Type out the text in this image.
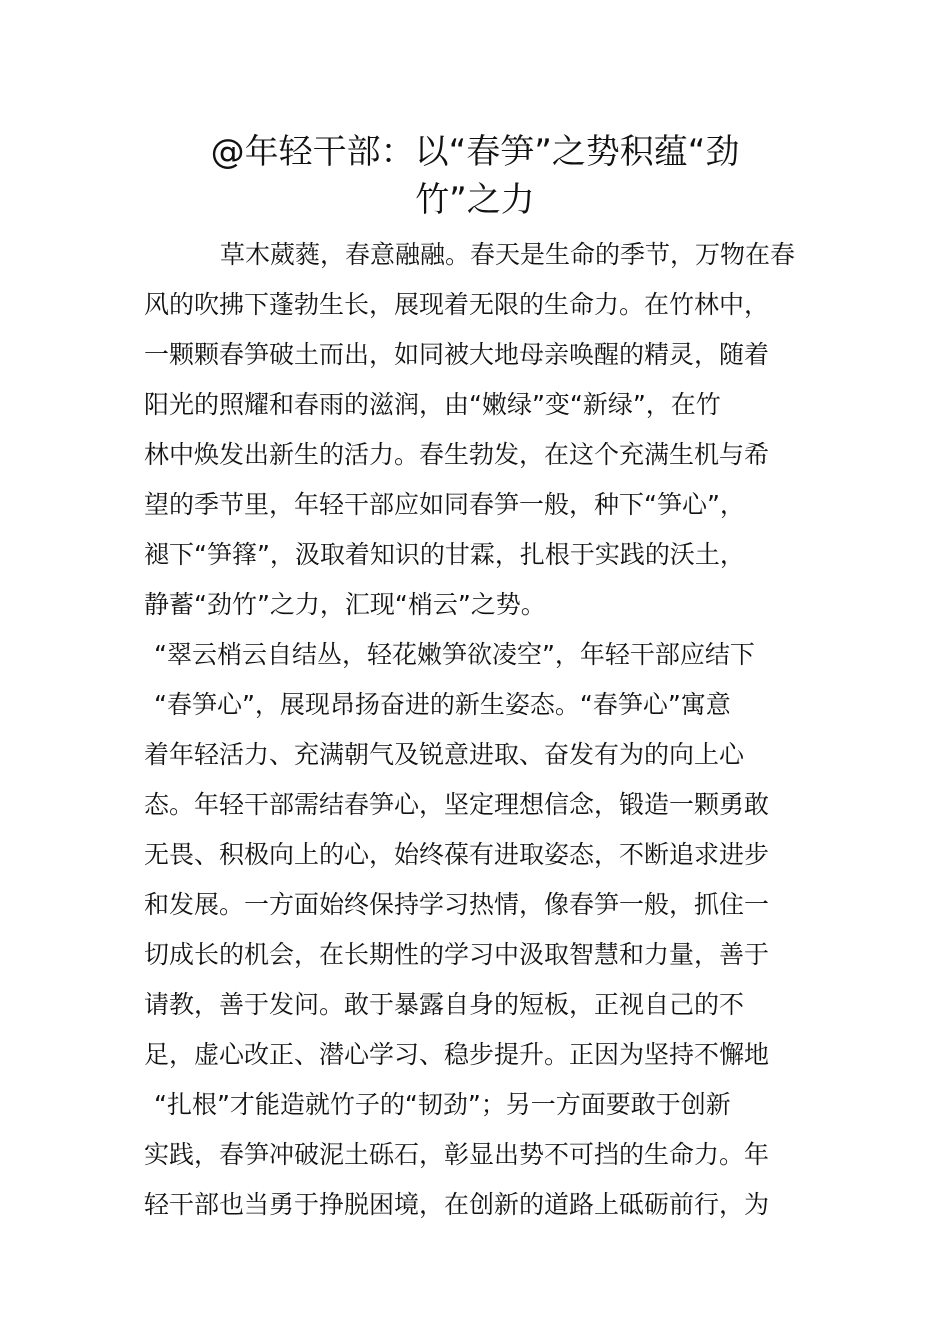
@年轻干部：以“春笋”之势积蕴“劲
竹”之力
草木葳蕤，春意融融。春天是生命的季节，万物在春
风的吹拂下蓬勃生长，展现着无限的生命力。在竹林中，
一颗颗春笋破土而出，如同被大地母亲唤醒的精灵，随着
阳光的照耀和春雨的滋润，由“嫩绿”变“新绿”，在竹
林中焕发出新生的活力。春生勃发，在这个充满生机与希
望的季节里，年轻干部应如同春笋一般，种下“笋心”，
褪下“笋箨”，汲取着知识的甘霖，扎根于实践的沃土，
静蓄“劲竹”之力，汇现“梢云”之势。
“翠云梢云自结丛，轻花嫩笋欲凌空”，年轻干部应结下
“春笋心”，展现昂扬奋进的新生姿态。“春笋心”寓意
着年轻活力、充满朝气及锐意进取、奋发有为的向上心
态。年轻干部需结春笋心，坚定理想信念，锻造一颗勇敢
无畏、积极向上的心，始终葆有进取姿态，不断追求进步
和发展。一方面始终保持学习热情，像春笋一般，抓住一
切成长的机会，在长期性的学习中汲取智慧和力量，善于
请教，善于发问。敢于暴露自身的短板，正视自己的不
足，虚心改正、潜心学习、稳步提升。正因为坚持不懈地
“扎根”才能造就竹子的“韧劲”；另一方面要敢于创新
实践，春笋冲破泥土砾石，彰显出势不可挡的生命力。年
轻干部也当勇于挣脱困境，在创新的道路上砥砺前行，为
